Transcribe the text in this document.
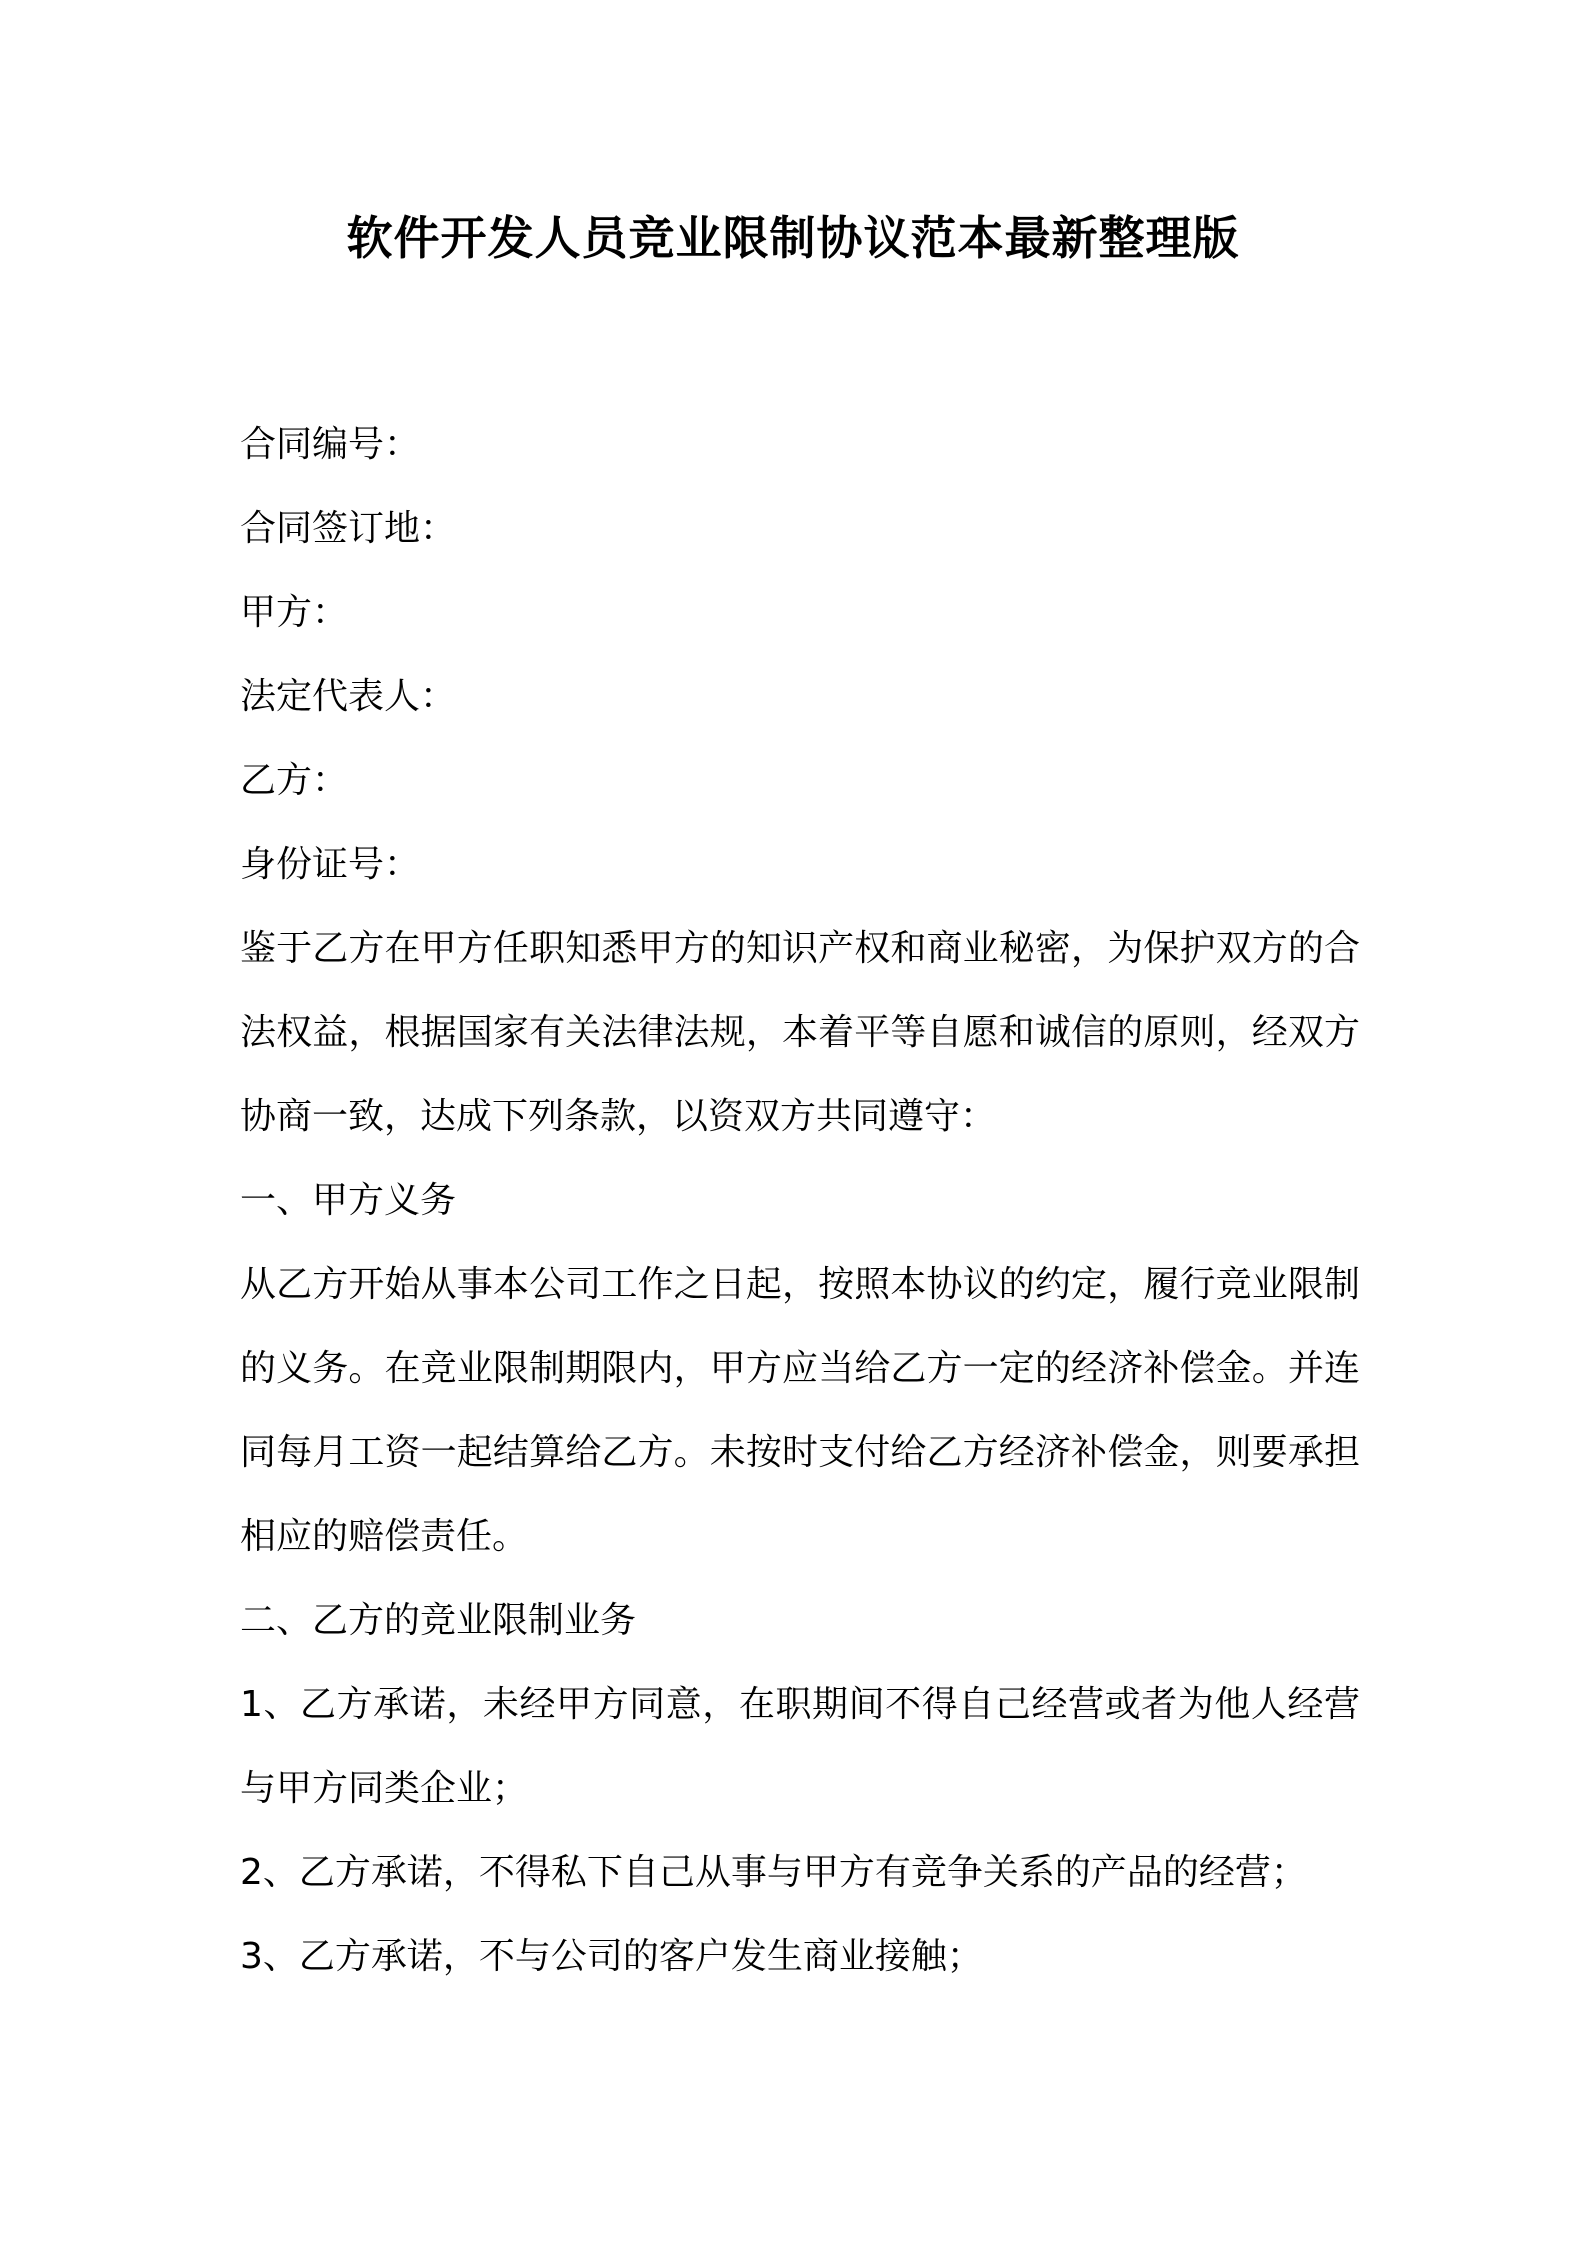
软件开发人员竞业限制协议范本最新整理版

合同编号：

合同签订地：

甲方：

法定代表人：

乙方：

身份证号：

鉴于乙方在甲方任职知悉甲方的知识产权和商业秘密，为保护双方的合法权益，根据国家有关法律法规，本着平等自愿和诚信的原则，经双方协商一致，达成下列条款，以资双方共同遵守：

一、甲方义务

从乙方开始从事本公司工作之日起，按照本协议的约定，履行竞业限制的义务。在竞业限制期限内，甲方应当给乙方一定的经济补偿金。并连同每月工资一起结算给乙方。未按时支付给乙方经济补偿金，则要承担相应的赔偿责任。

二、乙方的竞业限制业务

1、乙方承诺，未经甲方同意，在职期间不得自己经营或者为他人经营与甲方同类企业；

2、乙方承诺，不得私下自己从事与甲方有竞争关系的产品的经营；

3、乙方承诺，不与公司的客户发生商业接触；
